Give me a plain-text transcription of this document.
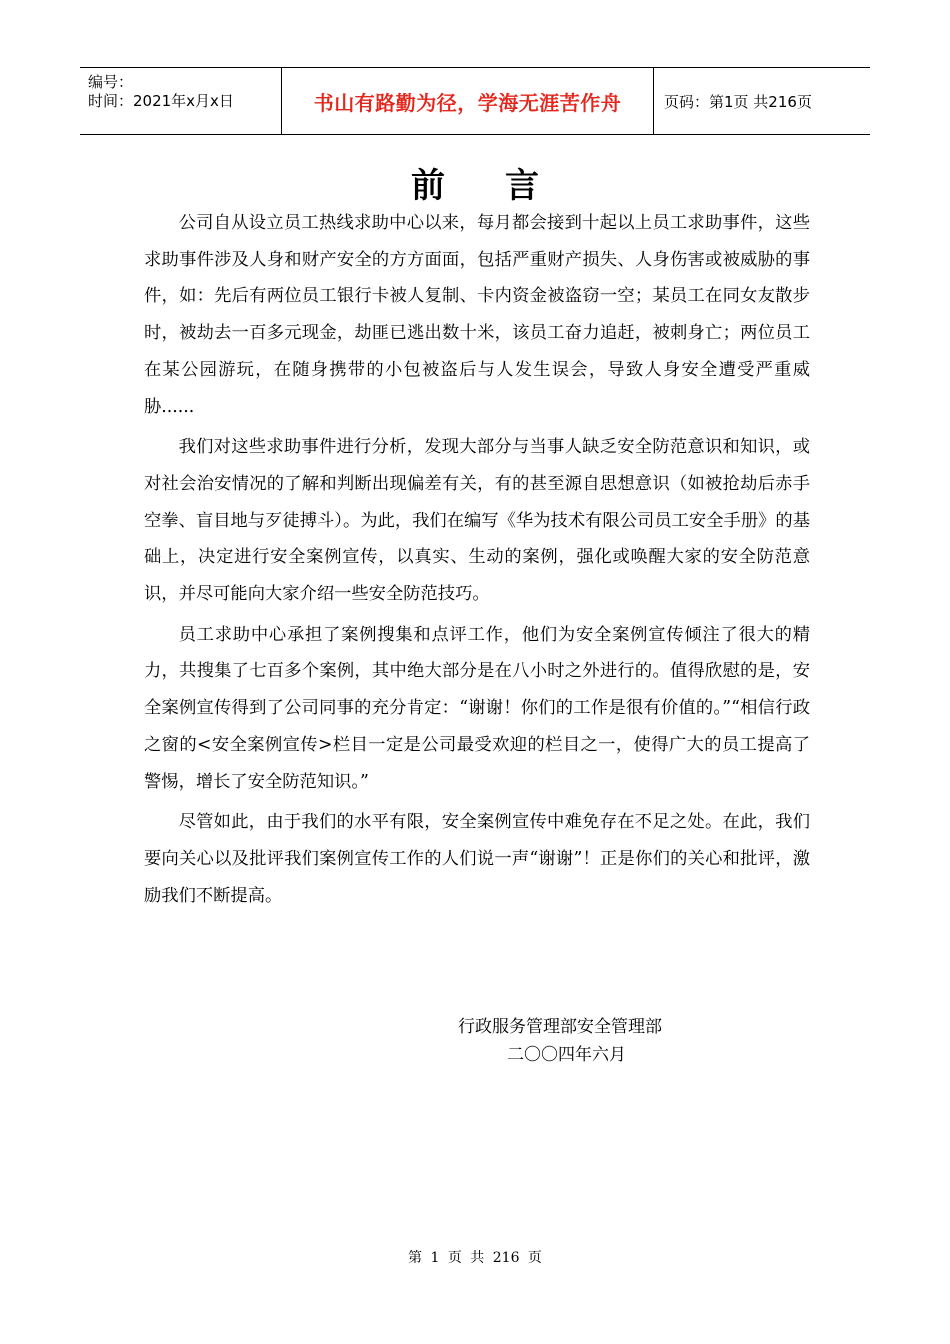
编号：
时间：2021年x月x日	书山有路勤为径，学海无涯苦作舟	页码：第1页 共216页
前言

公司自从设立员工热线求助中心以来，每月都会接到十起以上员工求助事件，这些求助事件涉及人身和财产安全的方方面面，包括严重财产损失、人身伤害或被威胁的事件，如：先后有两位员工银行卡被人复制、卡内资金被盗窃一空；某员工在同女友散步时，被劫去一百多元现金，劫匪已逃出数十米，该员工奋力追赶，被刺身亡；两位员工在某公园游玩，在随身携带的小包被盗后与人发生误会，导致人身安全遭受严重威胁......

我们对这些求助事件进行分析，发现大部分与当事人缺乏安全防范意识和知识，或对社会治安情况的了解和判断出现偏差有关，有的甚至源自思想意识（如被抢劫后赤手空拳、盲目地与歹徒搏斗）。为此，我们在编写《华为技术有限公司员工安全手册》的基础上，决定进行安全案例宣传，以真实、生动的案例，强化或唤醒大家的安全防范意识，并尽可能向大家介绍一些安全防范技巧。

员工求助中心承担了案例搜集和点评工作，他们为安全案例宣传倾注了很大的精力，共搜集了七百多个案例，其中绝大部分是在八小时之外进行的。值得欣慰的是，安全案例宣传得到了公司同事的充分肯定：“谢谢！你们的工作是很有价值的。”“相信行政之窗的<安全案例宣传>栏目一定是公司最受欢迎的栏目之一，使得广大的员工提高了警惕，增长了安全防范知识。”

尽管如此，由于我们的水平有限，安全案例宣传中难免存在不足之处。在此，我们要向关心以及批评我们案例宣传工作的人们说一声“谢谢”！正是你们的关心和批评，激励我们不断提高。

行政服务管理部安全管理部
二〇〇四年六月
第 1 页 共 216 页
